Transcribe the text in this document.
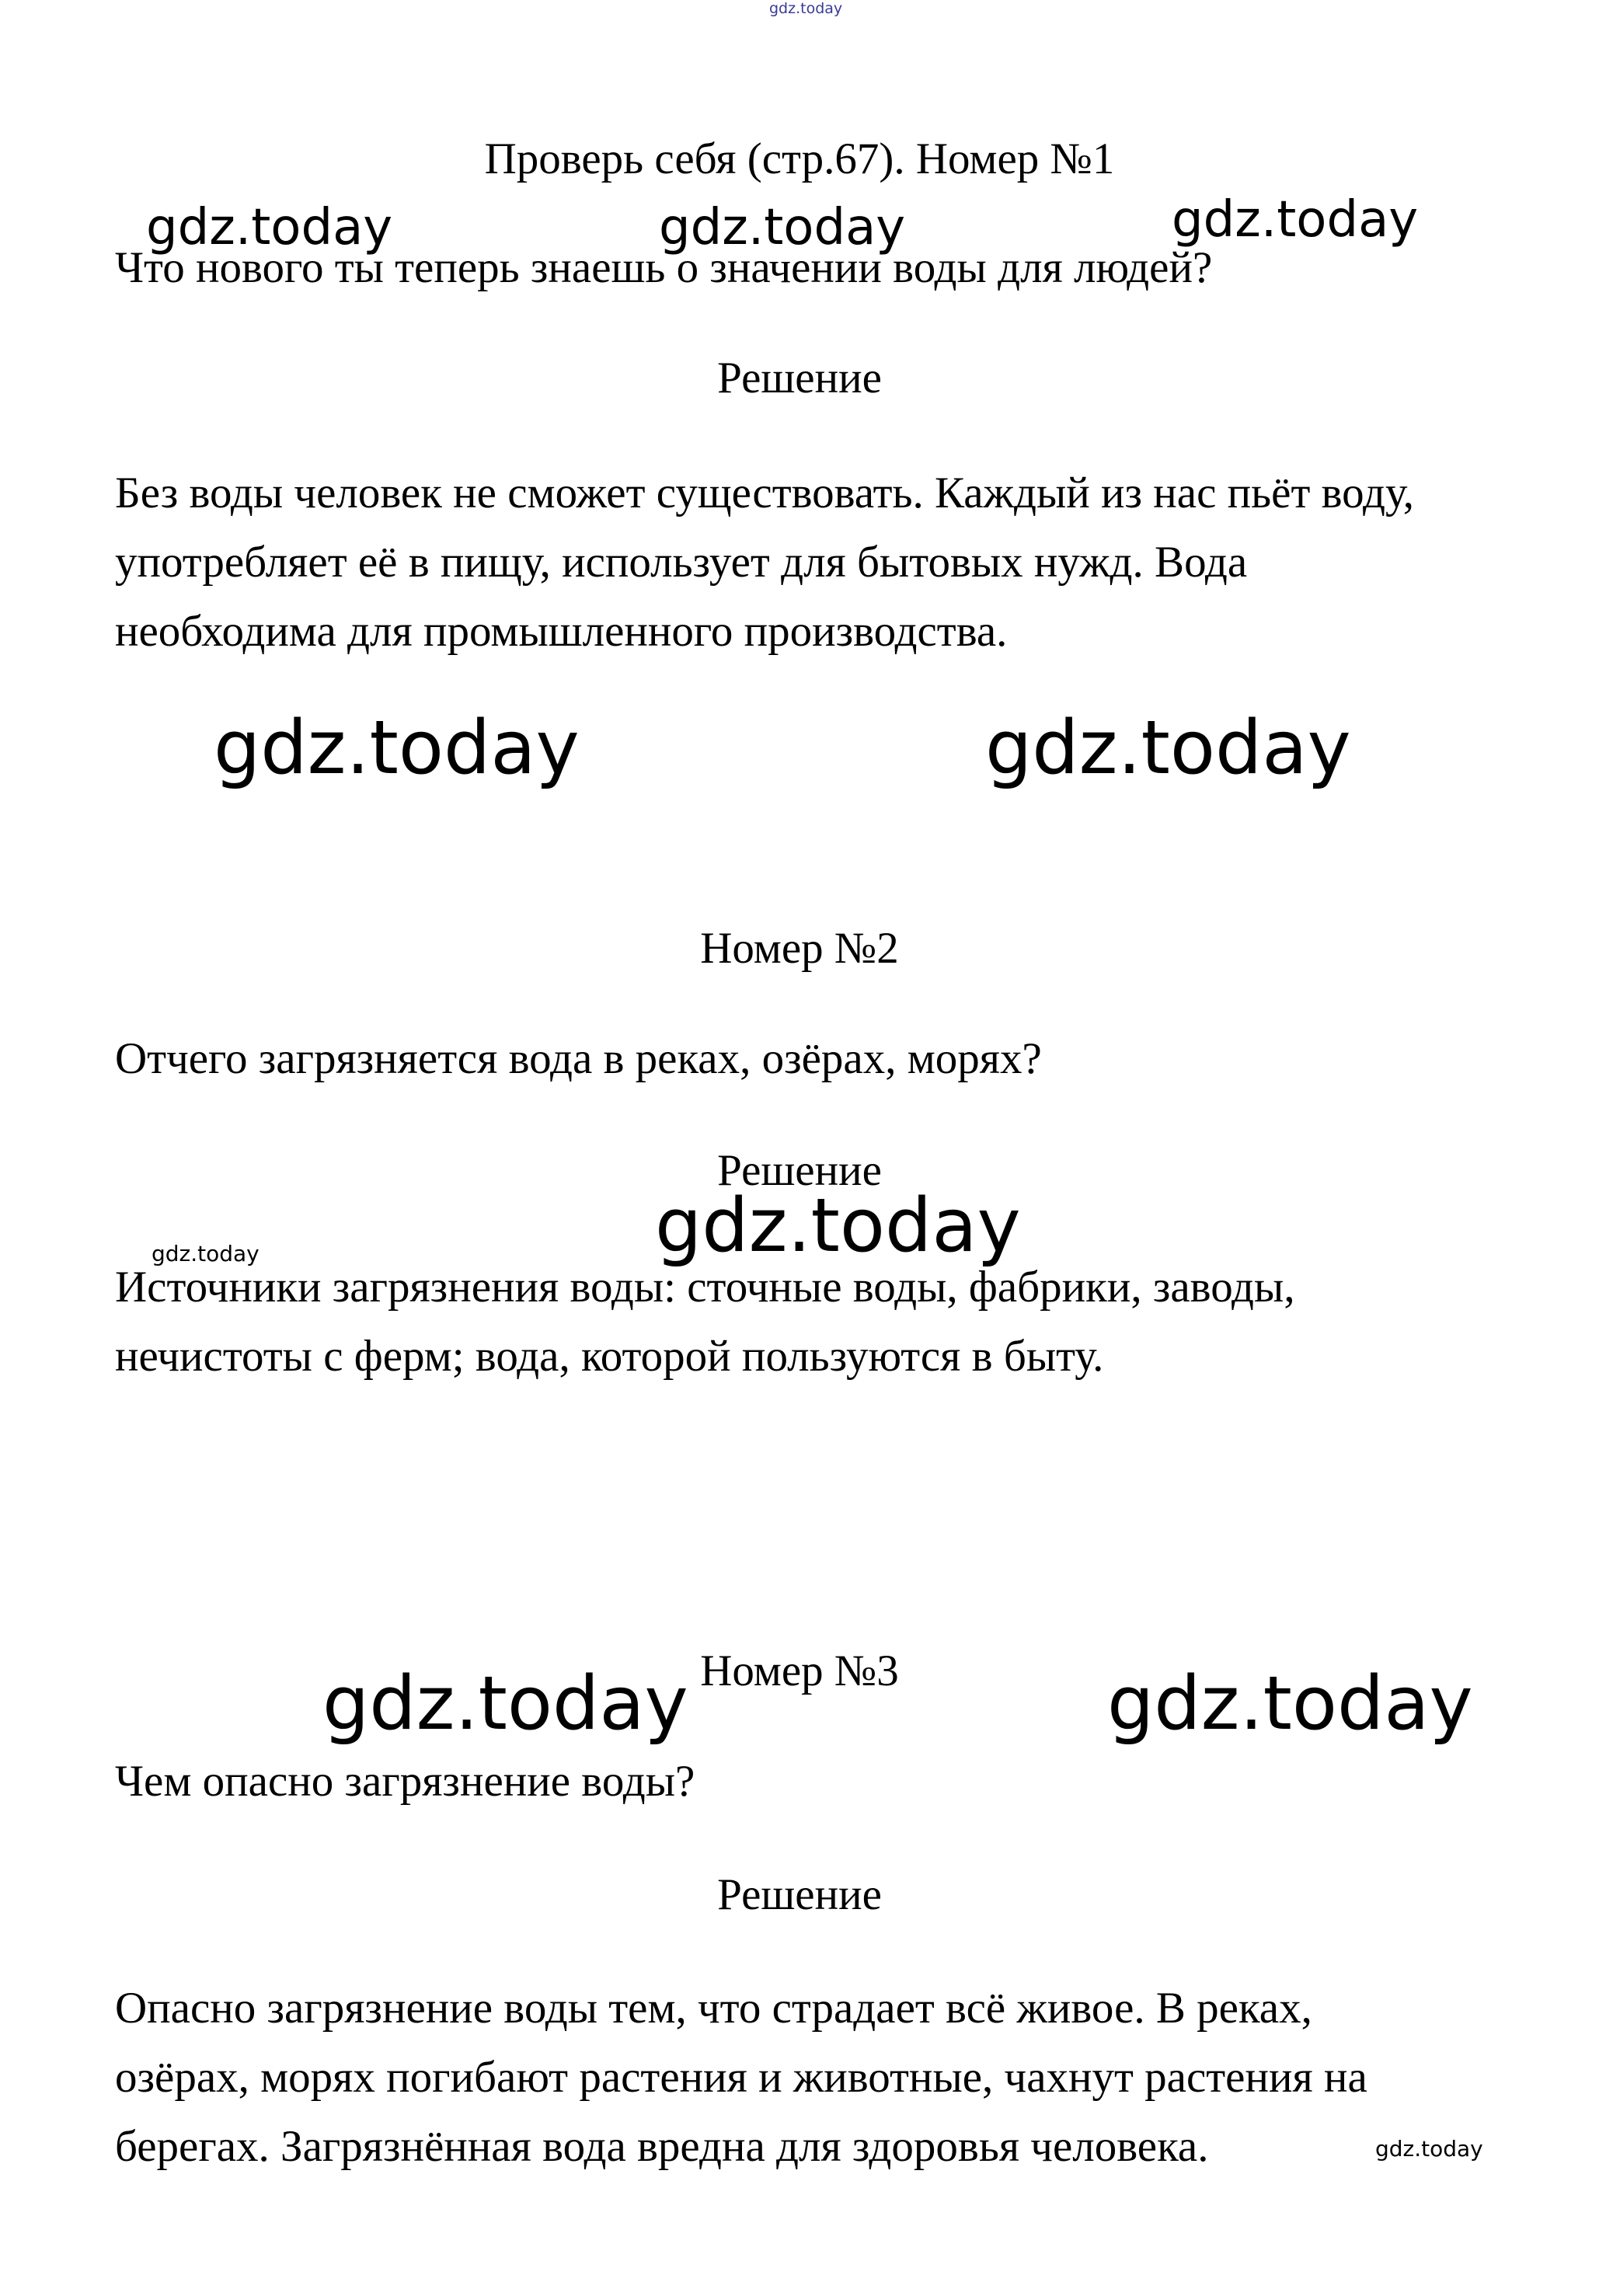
gdz.today
Проверь себя (стр.67). Номер №1
gdz.today	gdz.today	gdz.today
Что нового ты теперь знаешь о значении воды для людей?
Решение
Без воды человек не сможет существовать. Каждый из нас пьёт воду,
употребляет её в пищу, использует для бытовых нужд. Вода
необходима для промышленного производства.
gdz.today	gdz.today
Номер №2
Отчего загрязняется вода в реках, озёрах, морях?
Решение
gdz.today
gdz.today
Источники загрязнения воды: сточные воды, фабрики, заводы,
нечистоты с ферм; вода, которой пользуются в быту.
Номер №3
gdz.today	gdz.today
Чем опасно загрязнение воды?
Решение
Опасно загрязнение воды тем, что страдает всё живое. В реках,
озёрах, морях погибают растения и животные, чахнут растения на
берегах. Загрязнённая вода вредна для здоровья человека.	gdz.today
